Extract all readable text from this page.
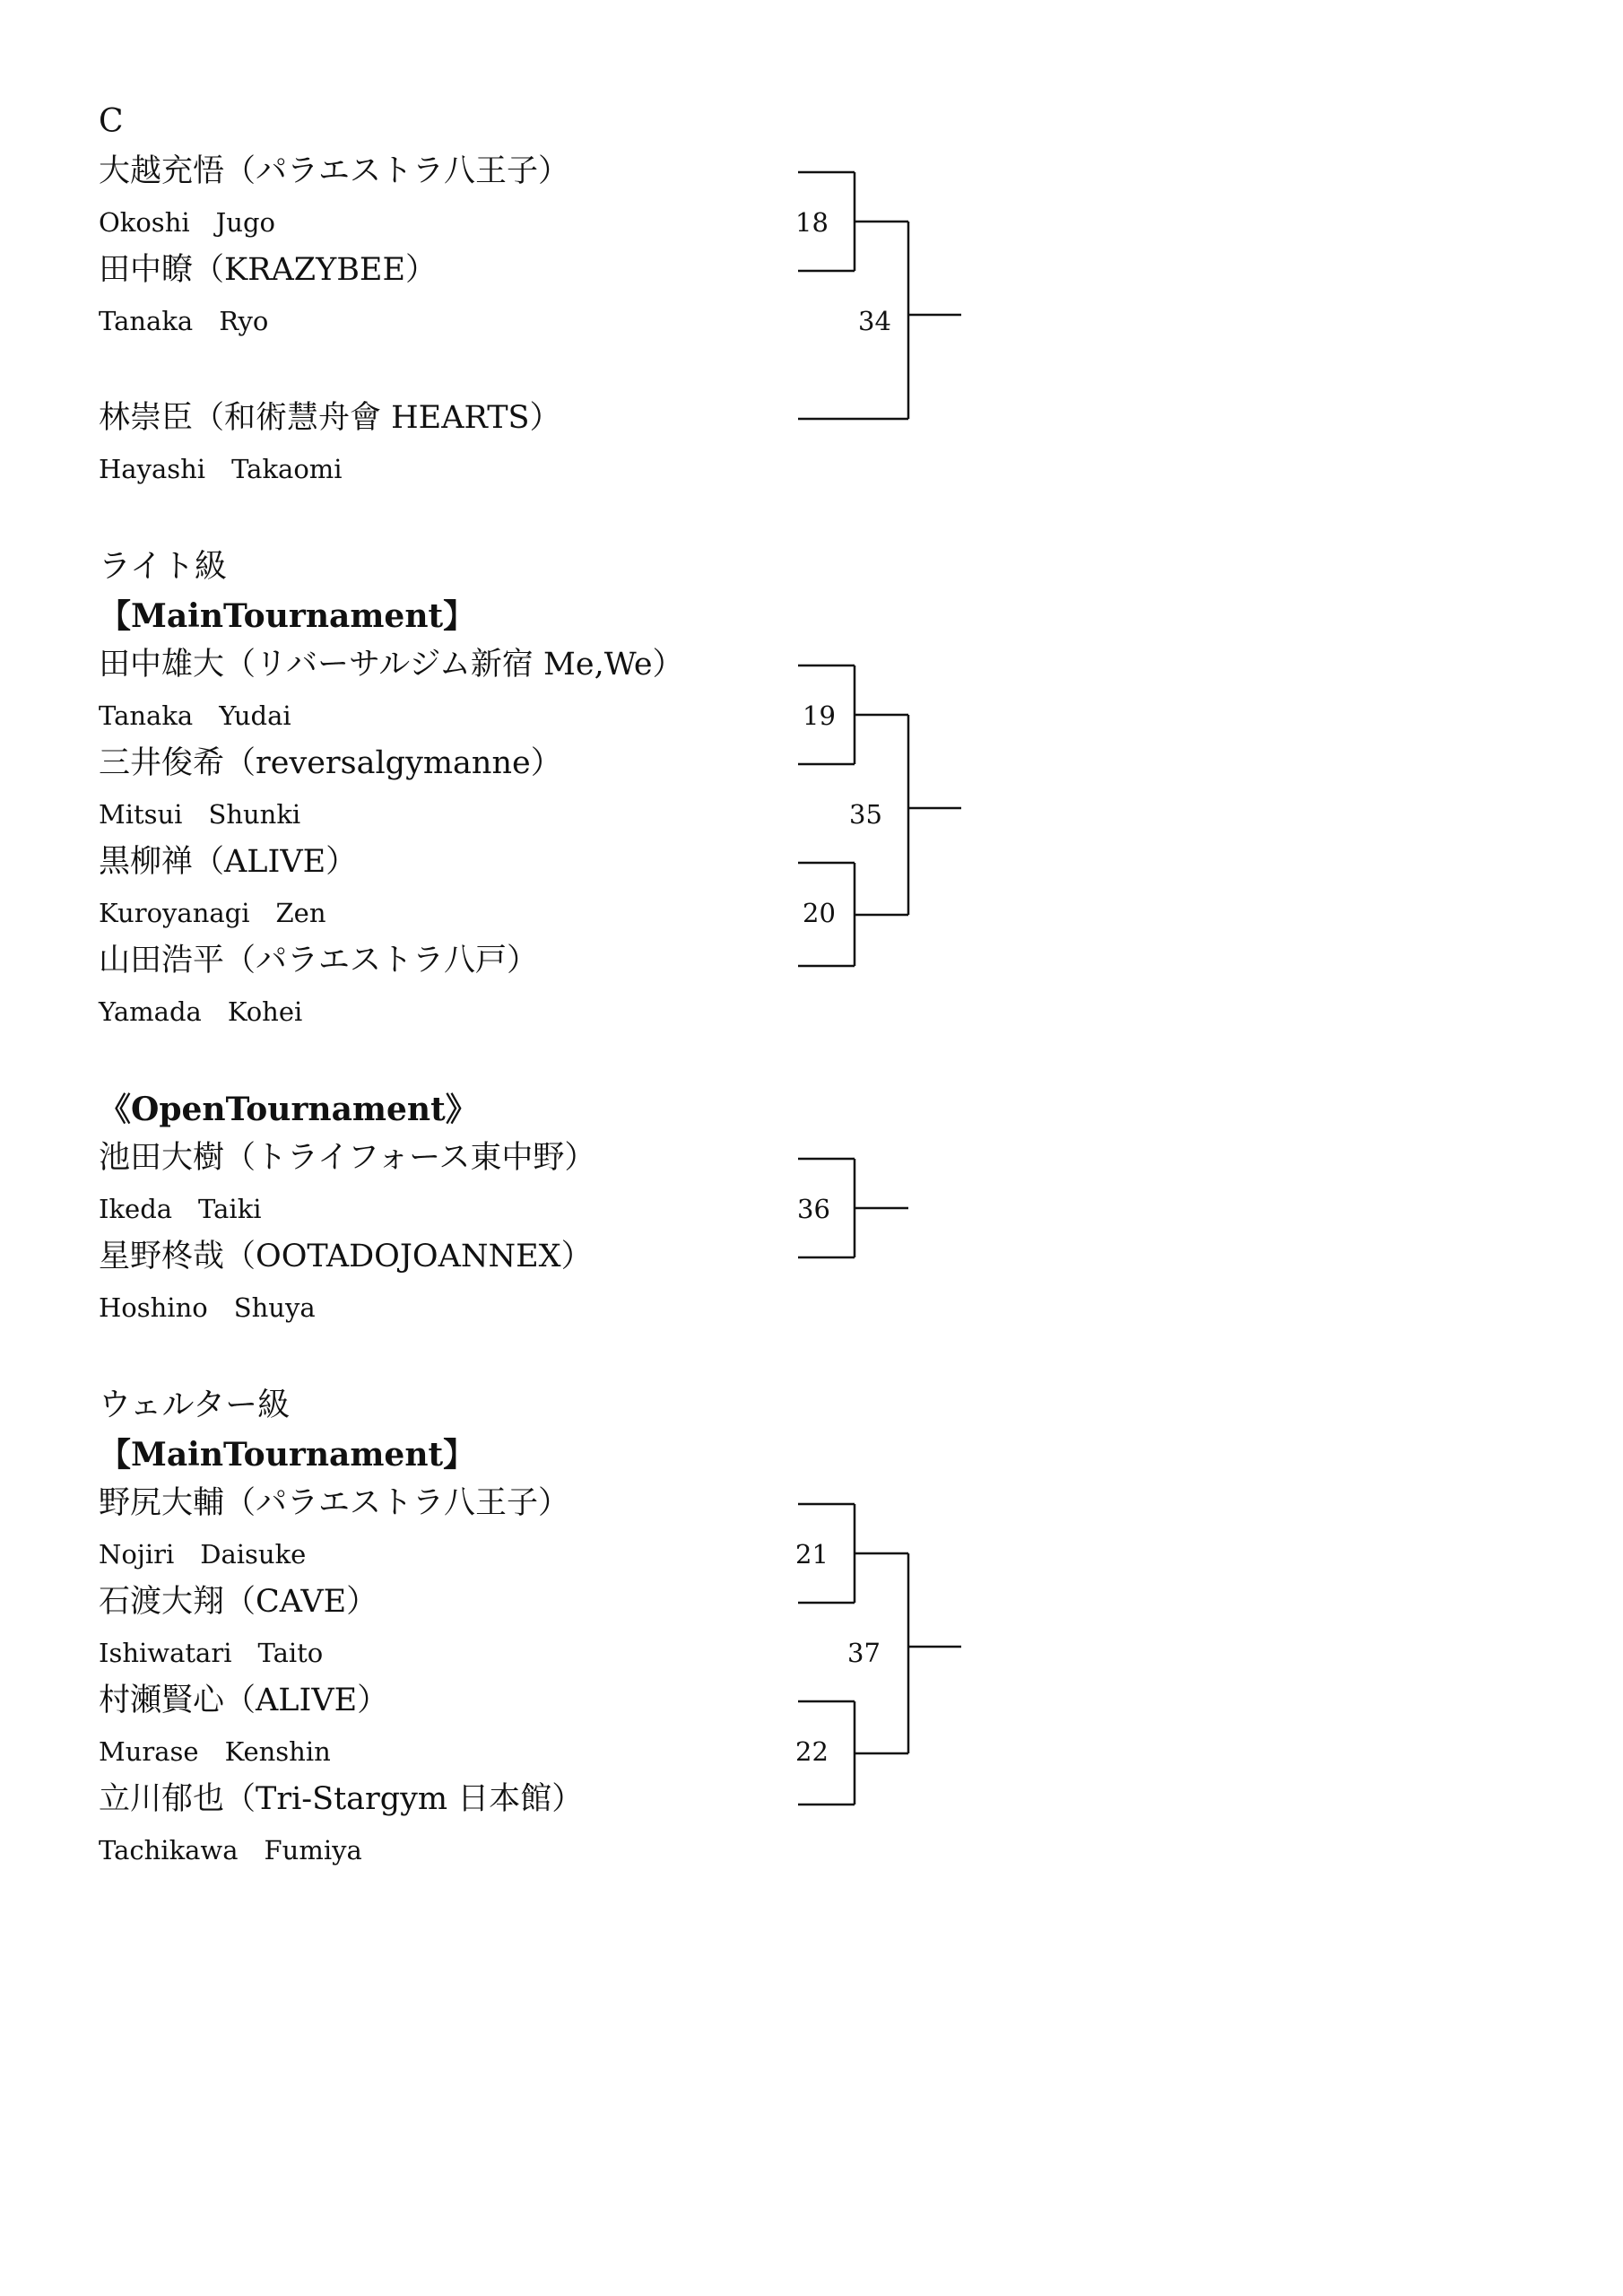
C
大越充悟（パラエストラ八王子）
Okoshi　Jugo
田中瞭（KRAZYBEE）
Tanaka　Ryo
林崇臣（和術慧舟會 HEARTS）
Hayashi　Takaomi
18
34
ライト級
【MainTournament】
田中雄大（リバーサルジム新宿 Me,We）
Tanaka　Yudai
三井俊希（reversalgymanne）
Mitsui　Shunki
黒柳禅（ALIVE）
Kuroyanagi　Zen
山田浩平（パラエストラ八戸）
Yamada　Kohei
19
20
35
《OpenTournament》
池田大樹（トライフォース東中野）
Ikeda　Taiki
星野柊哉（OOTADOJOANNEX）
Hoshino　Shuya
36
ウェルター級
【MainTournament】
野尻大輔（パラエストラ八王子）
Nojiri　Daisuke
石渡大翔（CAVE）
Ishiwatari　Taito
村瀬賢心（ALIVE）
Murase　Kenshin
立川郁也（Tri-Stargym 日本館）
Tachikawa　Fumiya
21
22
37
